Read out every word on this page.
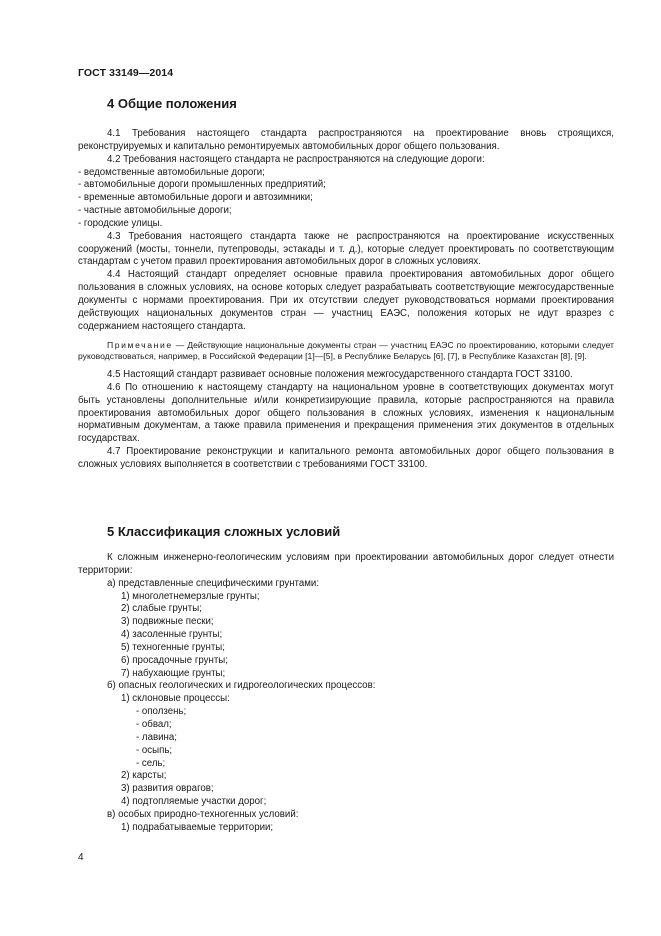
ГОСТ 33149—2014
4 Общие положения

4.1 Требования настоящего стандарта распространяются на проектирование вновь строящихся, реконструируемых и капитально ремонтируемых автомобильных дорог общего пользования.

4.2 Требования настоящего стандарта не распространяются на следующие дороги:

- ведомственные автомобильные дороги;

- автомобильные дороги промышленных предприятий;

- временные автомобильные дороги и автозимники;

- частные автомобильные дороги;

- городские улицы.

4.3 Требования настоящего стандарта также не распространяются на проектирование искусственных сооружений (мосты, тоннели, путепроводы, эстакады и т. д.), которые следует проектировать по соответствующим стандартам с учетом правил проектирования автомобильных дорог в сложных условиях.

4.4 Настоящий стандарт определяет основные правила проектирования автомобильных дорог общего пользования в сложных условиях, на основе которых следует разрабатывать соответствующие межгосударственные документы с нормами проектирования. При их отсутствии следует руководствоваться нормами проектирования действующих национальных документов стран — участниц ЕАЭС, положения которых не идут вразрез с содержанием настоящего стандарта.

Примечание — Действующие национальные документы стран — участниц ЕАЭС по проектированию, которыми следует руководствоваться, например, в Российской Федерации [1]—[5], в Республике Беларусь [6], [7], в Республике Казахстан [8], [9].

4.5 Настоящий стандарт развивает основные положения межгосударственного стандарта ГОСТ 33100.

4.6 По отношению к настоящему стандарту на национальном уровне в соответствующих документах могут быть установлены дополнительные и/или конкретизирующие правила, которые распространяются на правила проектирования автомобильных дорог общего пользования в сложных условиях, изменения к национальным нормативным документам, а также правила применения и прекращения применения этих документов в отдельных государствах.

4.7 Проектирование реконструкции и капитального ремонта автомобильных дорог общего пользования в сложных условиях выполняется в соответствии с требованиями ГОСТ 33100.

5 Классификация сложных условий

К сложным инженерно-геологическим условиям при проектировании автомобильных дорог следует отнести территории:

а) представленные специфическими грунтами:

1) многолетнемерзлые грунты;

2) слабые грунты;

3) подвижные пески;

4) засоленные грунты;

5) техногенные грунты;

6) просадочные грунты;

7) набухающие грунты;

б) опасных геологических и гидрогеологических процессов:

1) склоновые процессы:

- оползень;

- обвал;

- лавина;

- осыпь;

- сель;

2) карсты;

3) развития оврагов;

4) подтопляемые участки дорог;

в) особых природно-техногенных условий:

1) подрабатываемые территории;

4
